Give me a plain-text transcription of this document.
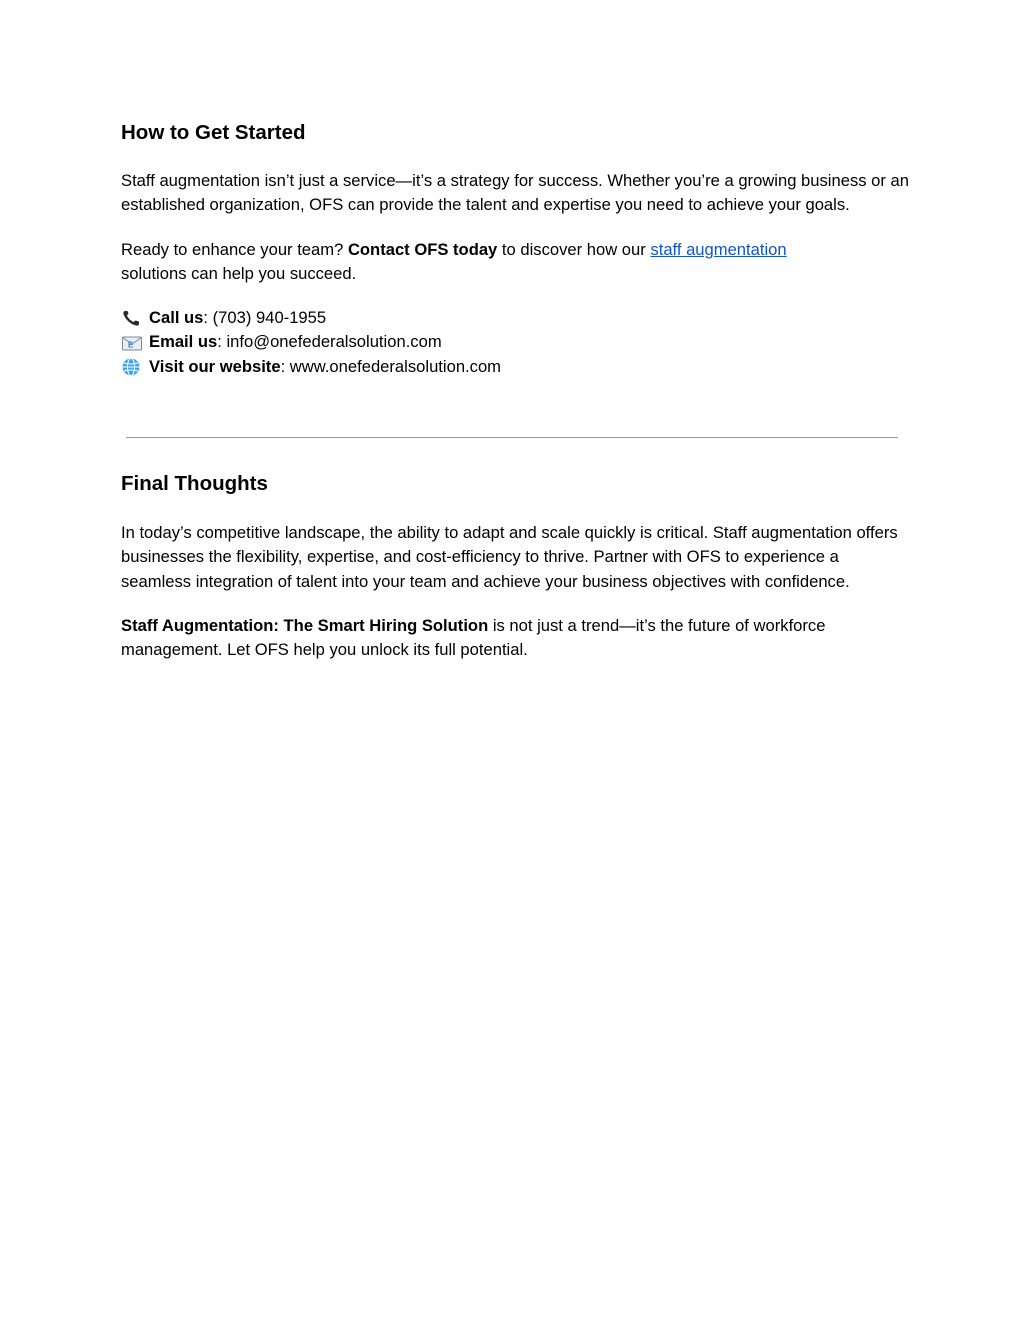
How to Get Started

Staff augmentation isn’t just a service—it’s a strategy for success. Whether you’re a growing business or an established organization, OFS can provide the talent and expertise you need to achieve your goals.

Ready to enhance your team? Contact OFS today to discover how our staff augmentation
solutions can help you succeed.

Call us : (703) 940-1955
E Email us : info@onefederalsolution.com
Visit our website : www.onefederalsolution.com
Final Thoughts

In today’s competitive landscape, the ability to adapt and scale quickly is critical. Staff augmentation offers businesses the flexibility, expertise, and cost-efficiency to thrive. Partner with OFS to experience a seamless integration of talent into your team and achieve your business objectives with confidence.

Staff Augmentation: The Smart Hiring Solution is not just a trend—it’s the future of workforce management. Let OFS help you unlock its full potential.
